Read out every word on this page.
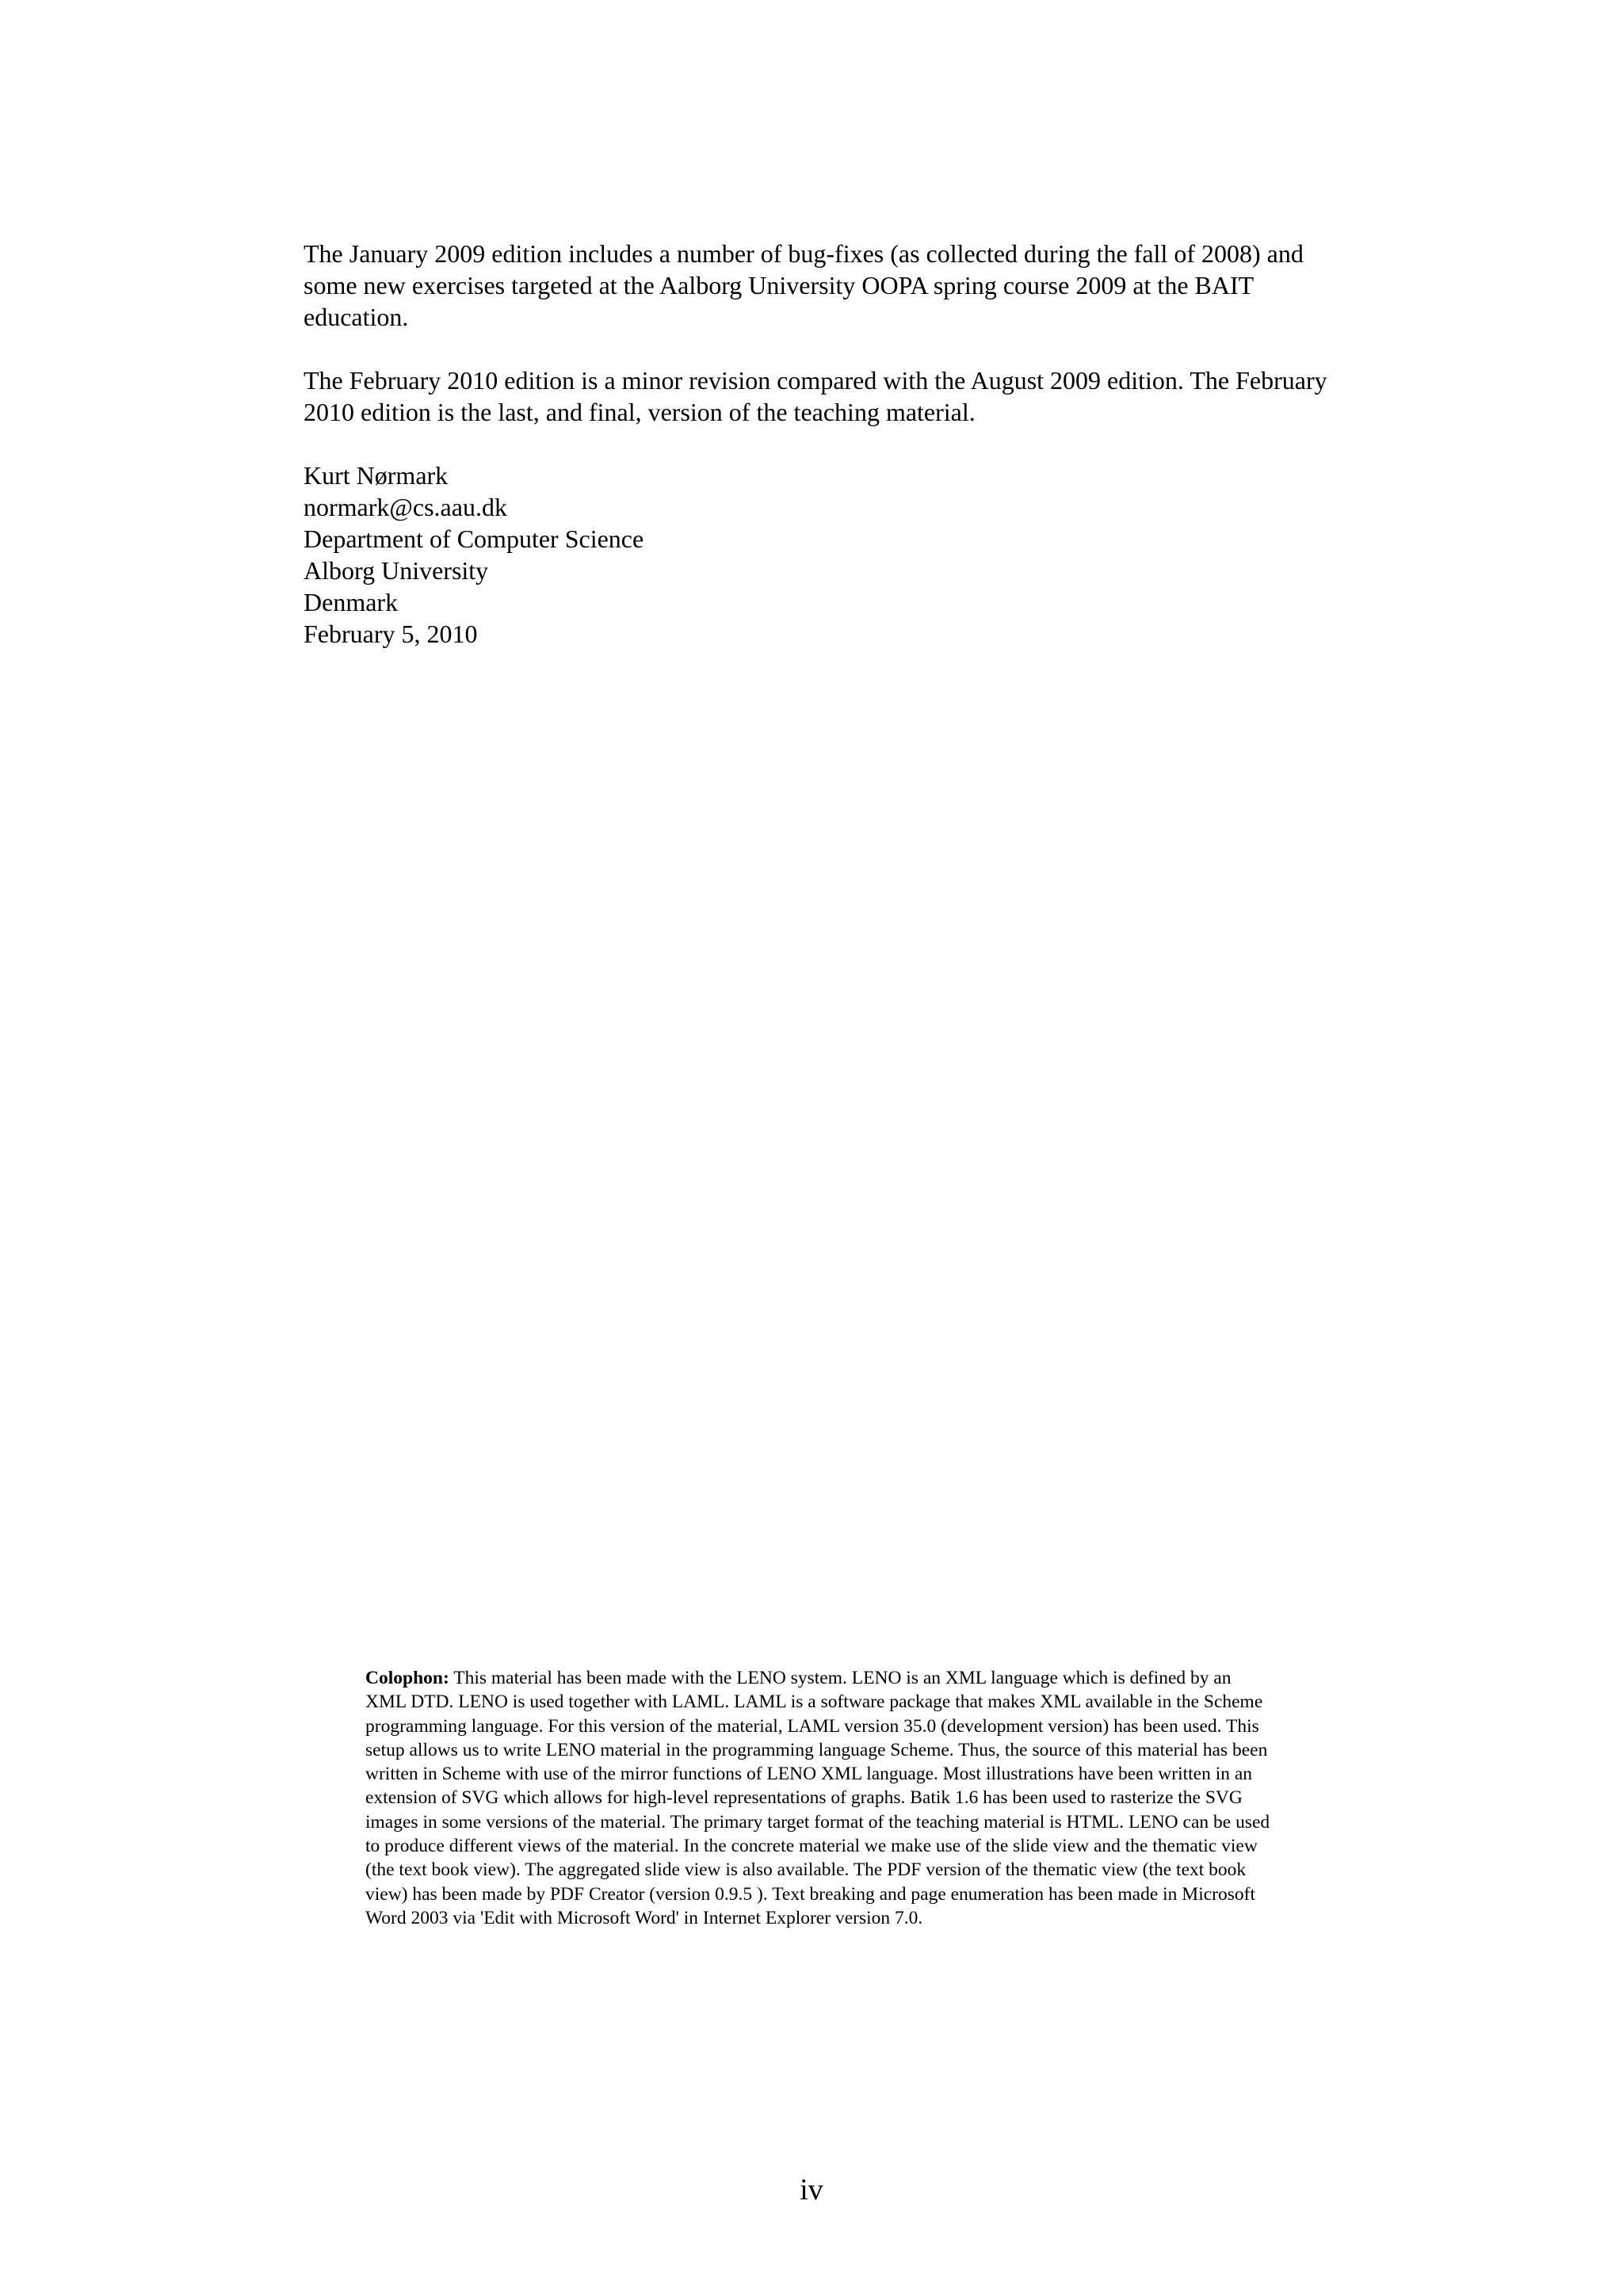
The January 2009 edition includes a number of bug-fixes (as collected during the fall of 2008) and some new exercises targeted at the Aalborg University OOPA spring course 2009 at the BAIT education.

The February 2010 edition is a minor revision compared with the August 2009 edition. The February 2010 edition is the last, and final, version of the teaching material.

Kurt Nørmark
normark@cs.aau.dk
Department of Computer Science
Alborg University
Denmark
February 5, 2010
Colophon: This material has been made with the LENO system. LENO is an XML language which is defined by an XML DTD. LENO is used together with LAML. LAML is a software package that makes XML available in the Scheme programming language. For this version of the material, LAML version 35.0 (development version) has been used. This setup allows us to write LENO material in the programming language Scheme. Thus, the source of this material has been written in Scheme with use of the mirror functions of LENO XML language. Most illustrations have been written in an extension of SVG which allows for high-level representations of graphs. Batik 1.6 has been used to rasterize the SVG images in some versions of the material. The primary target format of the teaching material is HTML. LENO can be used to produce different views of the material. In the concrete material we make use of the slide view and the thematic view (the text book view). The aggregated slide view is also available. The PDF version of the thematic view (the text book view) has been made by PDF Creator (version 0.9.5 ). Text breaking and page enumeration has been made in Microsoft Word 2003 via 'Edit with Microsoft Word' in Internet Explorer version 7.0.
iv
